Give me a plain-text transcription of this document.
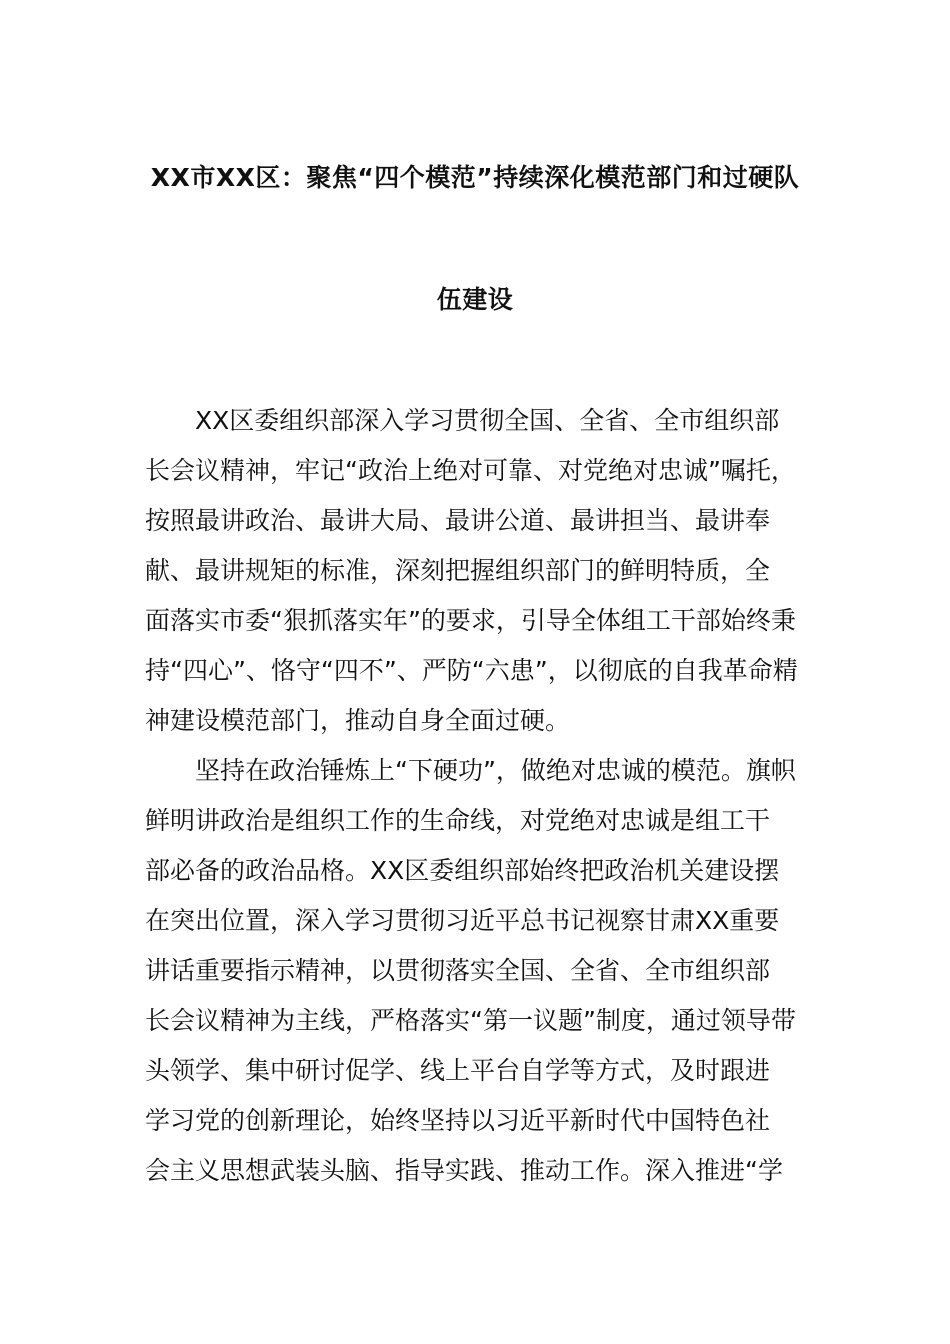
XX市XX区：聚焦“四个模范”持续深化模范部门和过硬队
伍建设
XX区委组织部深入学习贯彻全国、全省、全市组织部
长会议精神，牢记“政治上绝对可靠、对党绝对忠诚”嘱托，
按照最讲政治、最讲大局、最讲公道、最讲担当、最讲奉
献、最讲规矩的标准，深刻把握组织部门的鲜明特质，全
面落实市委“狠抓落实年”的要求，引导全体组工干部始终秉
持“四心”、恪守“四不”、严防“六患”，以彻底的自我革命精
神建设模范部门，推动自身全面过硬。
坚持在政治锤炼上“下硬功”，做绝对忠诚的模范。旗帜
鲜明讲政治是组织工作的生命线，对党绝对忠诚是组工干
部必备的政治品格。XX区委组织部始终把政治机关建设摆
在突出位置，深入学习贯彻习近平总书记视察甘肃XX重要
讲话重要指示精神，以贯彻落实全国、全省、全市组织部
长会议精神为主线，严格落实“第一议题”制度，通过领导带
头领学、集中研讨促学、线上平台自学等方式，及时跟进
学习党的创新理论，始终坚持以习近平新时代中国特色社
会主义思想武装头脑、指导实践、推动工作。深入推进“学
